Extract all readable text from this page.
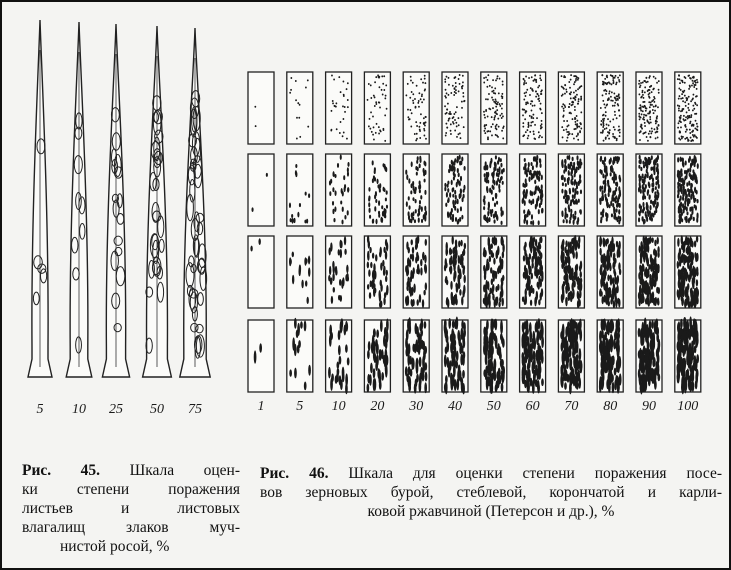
5 10 25 50 75	1 5 10 20 30 40 50 60 70 80 90 100
Рис. 45. Шкала оцен-
ки степени поражения
листьев и листовых
влагалищ злаков муч-
нистой росой, %
Рис. 46. Шкала для оценки степени поражения посе-
вов зерновых бурой, стеблевой, корончатой и карли-
ковой ржавчиной (Петерсон и др.), %
